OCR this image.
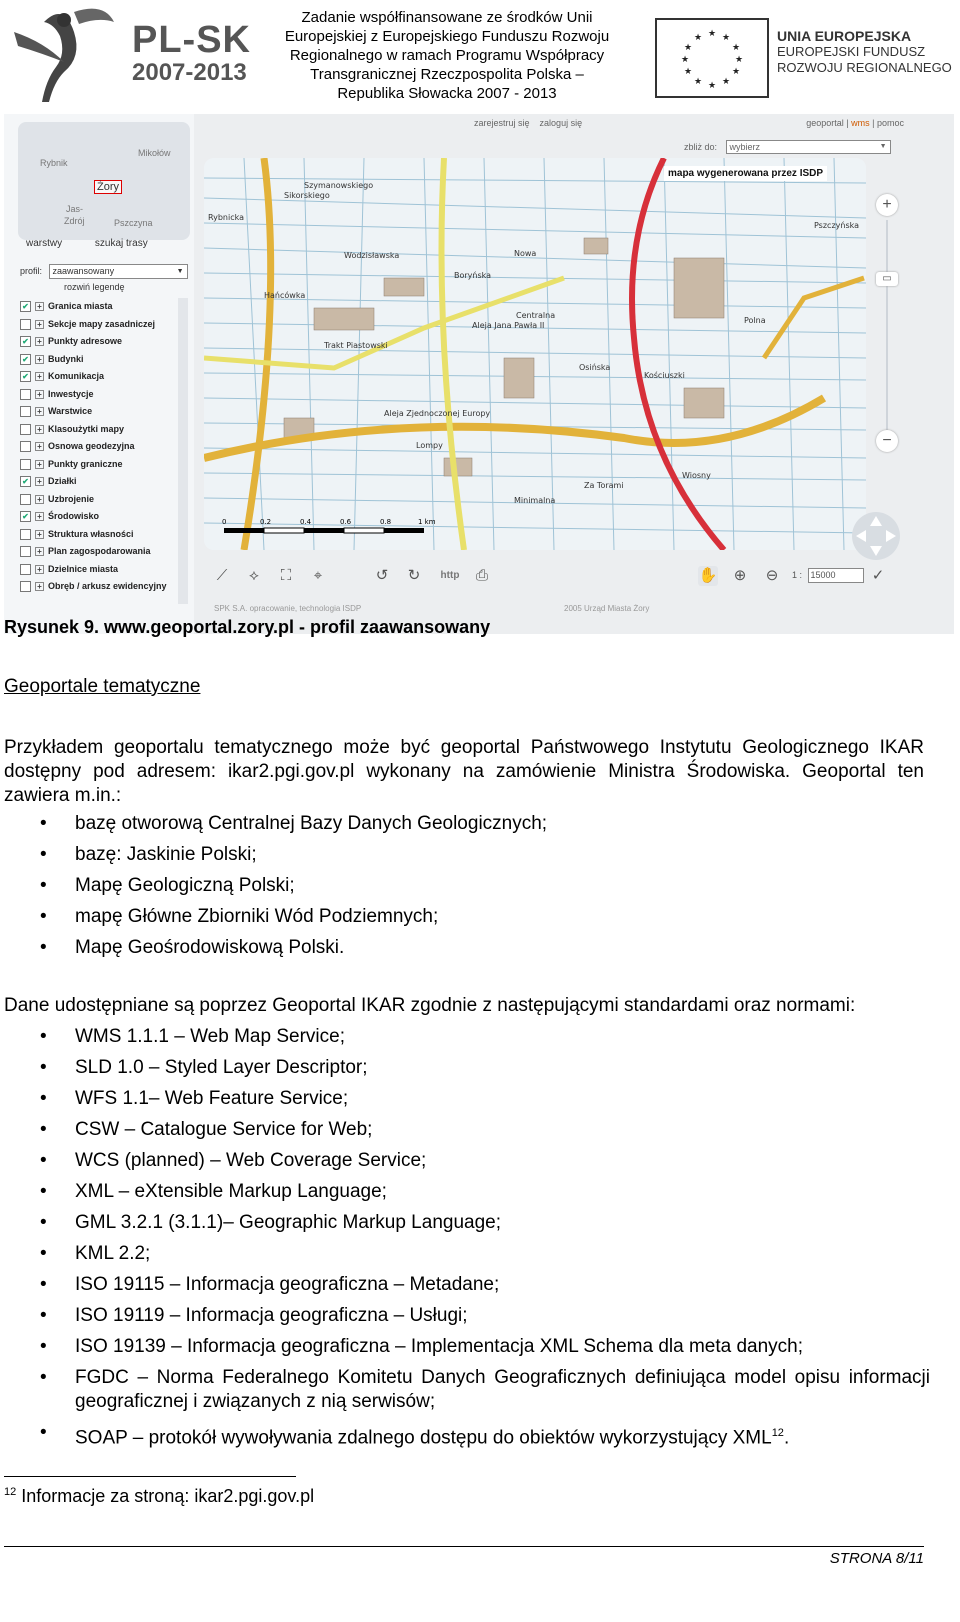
PL-SK
2007-2013
Zadanie współfinansowane ze środków Unii
Europejskiej z Europejskiego Funduszu Rozwoju
Regionalnego w ramach Programu Współpracy
Transgranicznej Rzeczpospolita Polska –
Republika Słowacka 2007 - 2013
★ ★
★
★
★
★
★
★
★
★
★
★	UNIA EUROPEJSKA
EUROPEJSKI FUNDUSZ
ROZWOJU REGIONALNEGO
Rybnik
Mikołów
Żory
Jas-
Zdrój	Pszczyna
warstwy	szukaj trasy
profil: zaawansowany ▼
rozwiń legendę
✔ + Granica miasta
+ Sekcje mapy zasadniczej
✔ + Punkty adresowe
✔ + Budynki
✔ + Komunikacja
+ Inwestycje
+ Warstwice
+ Klasoużytki mapy
+ Osnowa geodezyjna
+ Punkty graniczne
✔ + Działki
+ Uzbrojenie
✔ + Środowisko
+ Struktura własności
+ Plan zagospodarowania
+ Dzielnice miasta
+ Obręb / arkusz ewidencyjny
zarejestruj się zaloguj się	geoportal | wms | pomoc
zbliż do: wybierz ▼
Aleja Zjednoczonej Europy
Trakt Piastowski
Wodzisławska
Boryńska
Sikorskiego
Szymanowskiego
Nowa
Aleja Jana Pawła II
Centralna
Osińska
Pszczyńska
Kościuszki
Wiosny
Za Torami
Minimalna
Hańcówka
Rybnicka
Lompy
Polna
0	0.2	0.4	0.6	0.8	1 km
mapa wygenerowana przez ISDP
+
▭
−
⟋	⟡	⛶	⌖	↺ ↻	http	⎙	✋ ⊕ ⊖	1 : 15000	✓
SPK S.A. opracowanie, technologia ISDP	2005 Urząd Miasta Żory
Rysunek 9. www.geoportal.zory.pl - profil zaawansowany
Geoportale tematyczne
Przykładem geoportalu tematycznego może być geoportal Państwowego Instytutu Geologicznego IKAR dostępny pod adresem: ikar2.pgi.gov.pl wykonany na zamówienie Ministra Środowiska. Geoportal ten zawiera m.in.:
• bazę otworową Centralnej Bazy Danych Geologicznych;
• bazę: Jaskinie Polski;
• Mapę Geologiczną Polski;
• mapę Główne Zbiorniki Wód Podziemnych;
• Mapę Geośrodowiskową Polski.
Dane udostępniane są poprzez Geoportal IKAR zgodnie z następującymi standardami oraz normami:
• WMS 1.1.1 – Web Map Service;
• SLD 1.0 – Styled Layer Descriptor;
• WFS 1.1– Web Feature Service;
• CSW – Catalogue Service for Web;
• WCS (planned) – Web Coverage Service;
• XML – eXtensible Markup Language;
• GML 3.2.1 (3.1.1)– Geographic Markup Language;
• KML 2.2;
• ISO 19115 – Informacja geograficzna – Metadane;
• ISO 19119 – Informacja geograficzna – Usługi;
• ISO 19139 – Informacja geograficzna – Implementacja XML Schema dla meta danych;
• FGDC – Norma Federalnego Komitetu Danych Geograficznych definiująca model opisu informacji geograficznej i związanych z nią serwisów;
• SOAP – protokół wywoływania zdalnego dostępu do obiektów wykorzystujący XML$^{12}$.
$^{12}$ Informacje za stroną: ikar2.pgi.gov.pl
STRONA 8/11
